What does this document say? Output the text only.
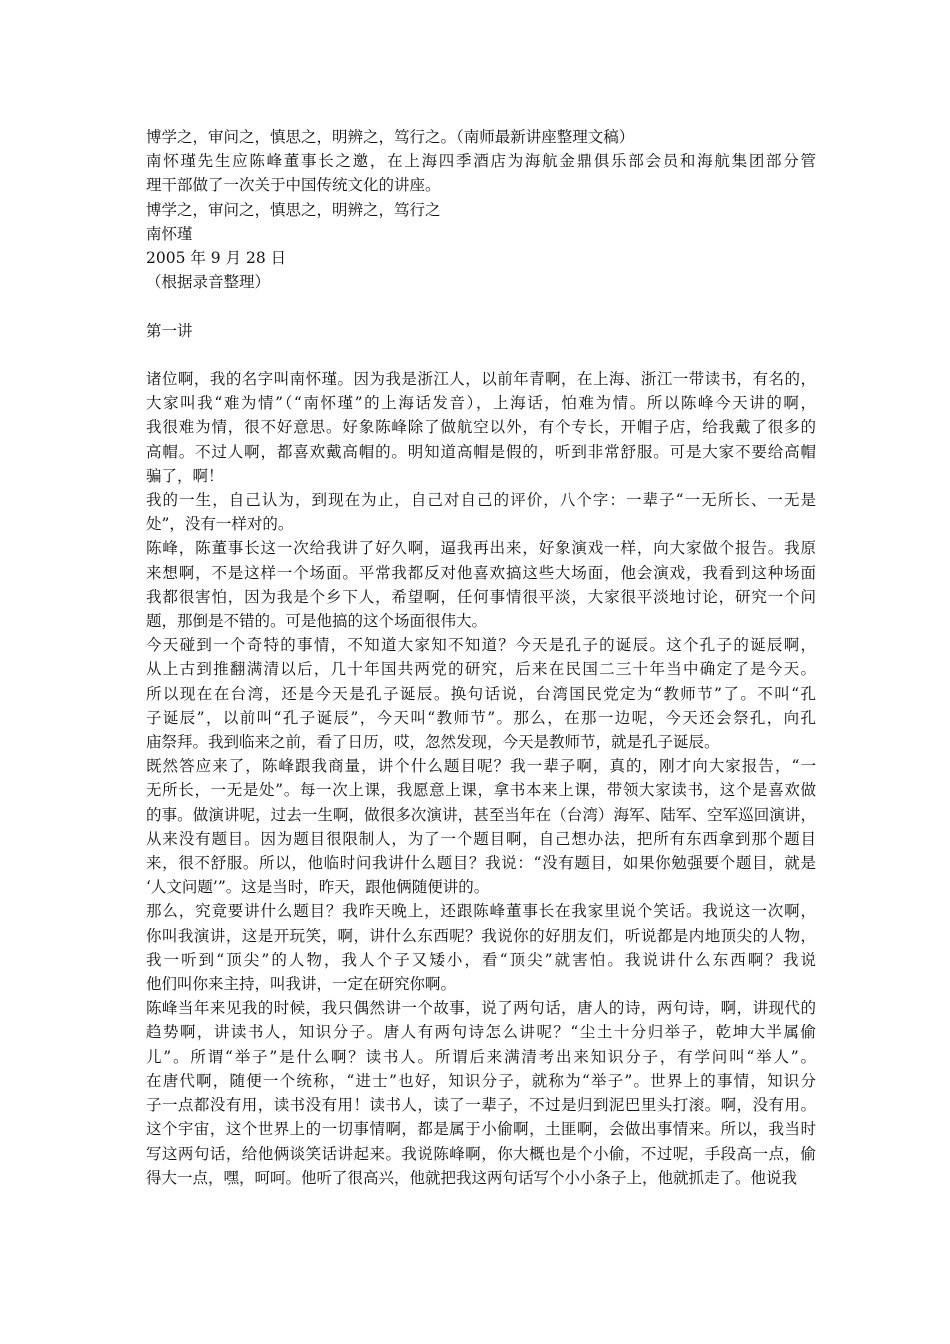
博学之，审问之，慎思之，明辨之，笃行之。（南师最新讲座整理文稿）
南怀瑾先生应陈峰董事长之邀，在上海四季酒店为海航金鼎俱乐部会员和海航集团部分管
理干部做了一次关于中国传统文化的讲座。
博学之，审问之，慎思之，明辨之，笃行之
南怀瑾
2005 年 9 月 28 日
（根据录音整理）
第一讲
诸位啊，我的名字叫南怀瑾。因为我是浙江人，以前年青啊，在上海、浙江一带读书，有名的，
大家叫我“难为情”（“南怀瑾”的上海话发音），上海话，怕难为情。所以陈峰今天讲的啊，
我很难为情，很不好意思。好象陈峰除了做航空以外，有个专长，开帽子店，给我戴了很多的
高帽。不过人啊，都喜欢戴高帽的。明知道高帽是假的，听到非常舒服。可是大家不要给高帽
骗了，啊！
我的一生，自己认为，到现在为止，自己对自己的评价，八个字：一辈子“一无所长、一无是
处”，没有一样对的。
陈峰，陈董事长这一次给我讲了好久啊，逼我再出来，好象演戏一样，向大家做个报告。我原
来想啊，不是这样一个场面。平常我都反对他喜欢搞这些大场面，他会演戏，我看到这种场面
我都很害怕，因为我是个乡下人，希望啊，任何事情很平淡，大家很平淡地讨论，研究一个问
题，那倒是不错的。可是他搞的这个场面很伟大。
今天碰到一个奇特的事情，不知道大家知不知道？今天是孔子的诞辰。这个孔子的诞辰啊，
从上古到推翻满清以后，几十年国共两党的研究，后来在民国二三十年当中确定了是今天。
所以现在在台湾，还是今天是孔子诞辰。换句话说，台湾国民党定为“教师节”了。不叫“孔
子诞辰”，以前叫“孔子诞辰”，今天叫“教师节”。那么，在那一边呢，今天还会祭孔，向孔
庙祭拜。我到临来之前，看了日历，哎，忽然发现，今天是教师节，就是孔子诞辰。
既然答应来了，陈峰跟我商量，讲个什么题目呢？我一辈子啊，真的，刚才向大家报告，“一
无所长，一无是处”。每一次上课，我愿意上课，拿书本来上课，带领大家读书，这个是喜欢做
的事。做演讲呢，过去一生啊，做很多次演讲，甚至当年在（台湾）海军、陆军、空军巡回演讲，
从来没有题目。因为题目很限制人，为了一个题目啊，自己想办法，把所有东西拿到那个题目
来，很不舒服。所以，他临时问我讲什么题目？我说：“没有题目，如果你勉强要个题目，就是
‘人文问题’”。这是当时，昨天，跟他俩随便讲的。
那么，究竟要讲什么题目？我昨天晚上，还跟陈峰董事长在我家里说个笑话。我说这一次啊，
你叫我演讲，这是开玩笑，啊，讲什么东西呢？我说你的好朋友们，听说都是内地顶尖的人物，
我一听到“顶尖”的人物，我人个子又矮小，看“顶尖”就害怕。我说讲什么东西啊？我说
他们叫你来主持，叫我讲，一定在研究你啊。
陈峰当年来见我的时候，我只偶然讲一个故事，说了两句话，唐人的诗，两句诗，啊，讲现代的
趋势啊，讲读书人，知识分子。唐人有两句诗怎么讲呢？“尘土十分归举子，乾坤大半属偷
儿”。所谓“举子”是什么啊？读书人。所谓后来满清考出来知识分子，有学问叫“举人”。
在唐代啊，随便一个统称，“进士”也好，知识分子，就称为“举子”。世界上的事情，知识分
子一点都没有用，读书没有用！读书人，读了一辈子，不过是归到泥巴里头打滚。啊，没有用。
这个宇宙，这个世界上的一切事情啊，都是属于小偷啊，土匪啊，会做出事情来。所以，我当时
写这两句话，给他俩谈笑话讲起来。我说陈峰啊，你大概也是个小偷，不过呢，手段高一点，偷
得大一点，嘿，呵呵。他听了很高兴，他就把我这两句话写个小小条子上，他就抓走了。他说我
